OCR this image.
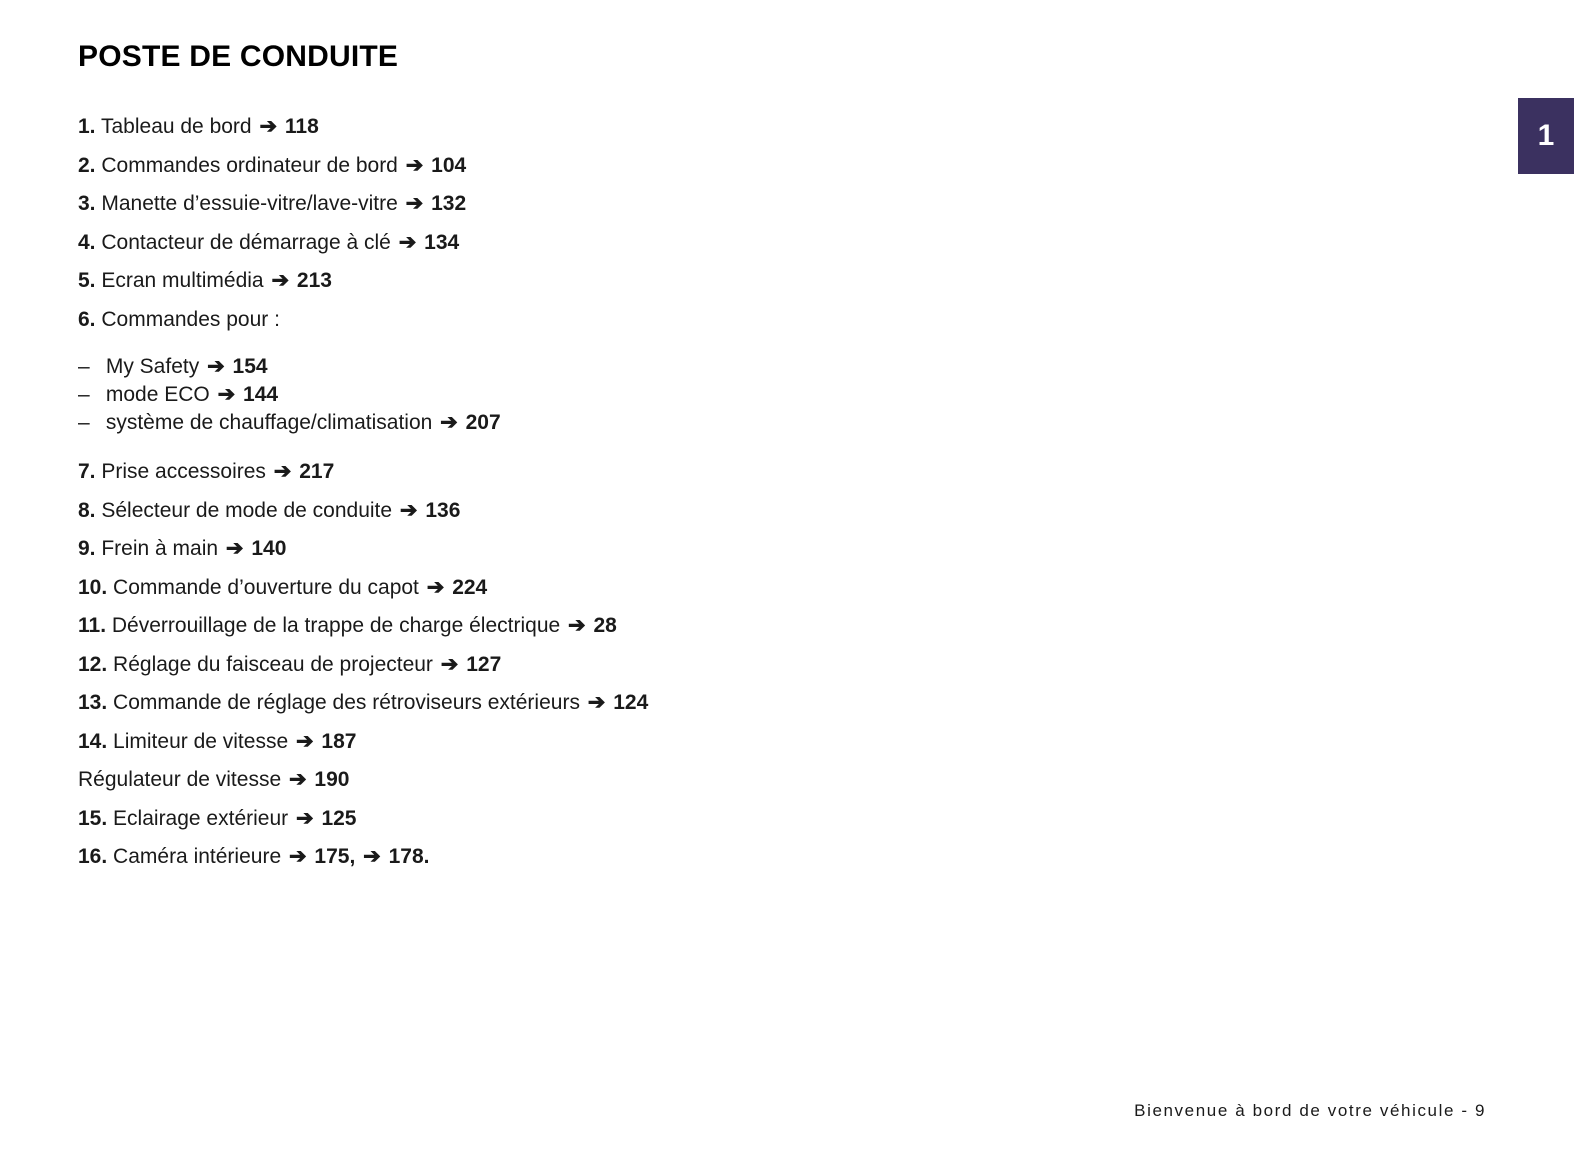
1
POSTE DE CONDUITE
1. Tableau de bord ➔ 118
2. Commandes ordinateur de bord ➔ 104
3. Manette d’essuie-vitre/lave-vitre ➔ 132
4. Contacteur de démarrage à clé ➔ 134
5. Ecran multimédia ➔ 213
6. Commandes pour :
– My Safety ➔ 154
– mode ECO ➔ 144
– système de chauffage/climatisation ➔ 207
7. Prise accessoires ➔ 217
8. Sélecteur de mode de conduite ➔ 136
9. Frein à main ➔ 140
10. Commande d’ouverture du capot ➔ 224
11. Déverrouillage de la trappe de charge électrique ➔ 28
12. Réglage du faisceau de projecteur ➔ 127
13. Commande de réglage des rétroviseurs extérieurs ➔ 124
14. Limiteur de vitesse ➔ 187
Régulateur de vitesse ➔ 190
15. Eclairage extérieur ➔ 125
16. Caméra intérieure ➔ 175, ➔ 178.
Bienvenue à bord de votre véhicule - 9
